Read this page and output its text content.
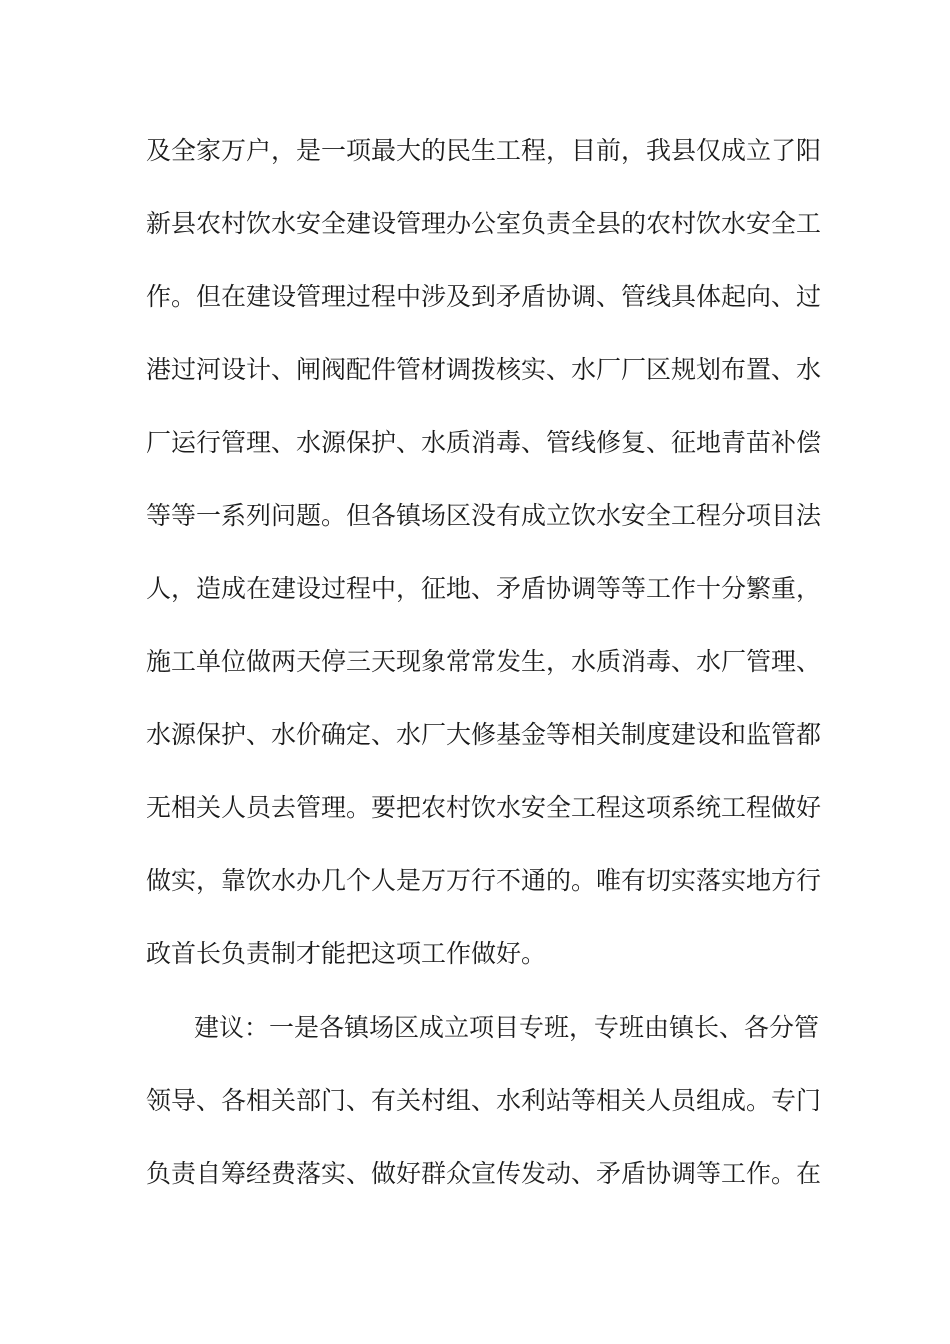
及全家万户，是一项最大的民生工程，目前，我县仅成立了阳
新县农村饮水安全建设管理办公室负责全县的农村饮水安全工
作。但在建设管理过程中涉及到矛盾协调、管线具体起向、过
港过河设计、闸阀配件管材调拨核实、水厂厂区规划布置、水
厂运行管理、水源保护、水质消毒、管线修复、征地青苗补偿
等等一系列问题。但各镇场区没有成立饮水安全工程分项目法
人，造成在建设过程中，征地、矛盾协调等等工作十分繁重，
施工单位做两天停三天现象常常发生，水质消毒、水厂管理、
水源保护、水价确定、水厂大修基金等相关制度建设和监管都
无相关人员去管理。要把农村饮水安全工程这项系统工程做好
做实，靠饮水办几个人是万万行不通的。唯有切实落实地方行
政首长负责制才能把这项工作做好。
建议：一是各镇场区成立项目专班，专班由镇长、各分管
领导、各相关部门、有关村组、水利站等相关人员组成。专门
负责自筹经费落实、做好群众宣传发动、矛盾协调等工作。在
